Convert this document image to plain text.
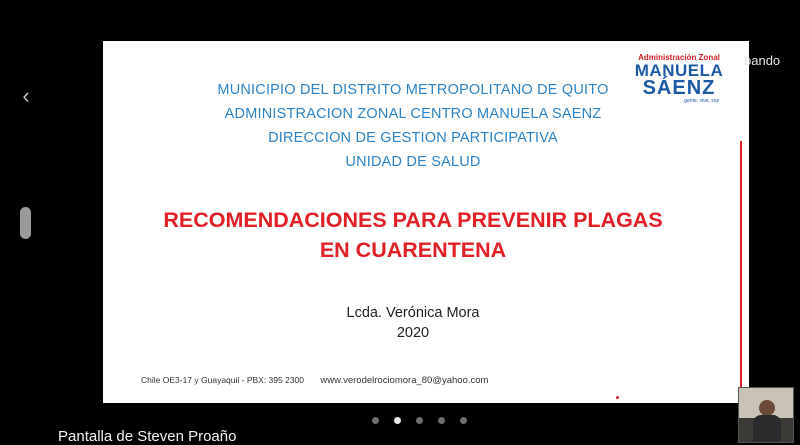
‹	MUNICIPIO DEL DISTRITO METROPOLITANO DE QUITO
ADMINISTRACION ZONAL CENTRO MANUELA SAENZ
DIRECCION DE GESTION PARTICIPATIVA
UNIDAD DE SALUD
RECOMENDACIONES PARA PREVENIR PLAGAS
EN CUARENTENA
Lcda. Verónica Mora
2020
Chile OE3-17 y Guayaquil - PBX: 395 2300 www.verodelrociomora_80@yahoo.com
Administración Zonal
MANUELA
SÁENZ
gente, vive, soy
bando
Pantalla de Steven Proaño
